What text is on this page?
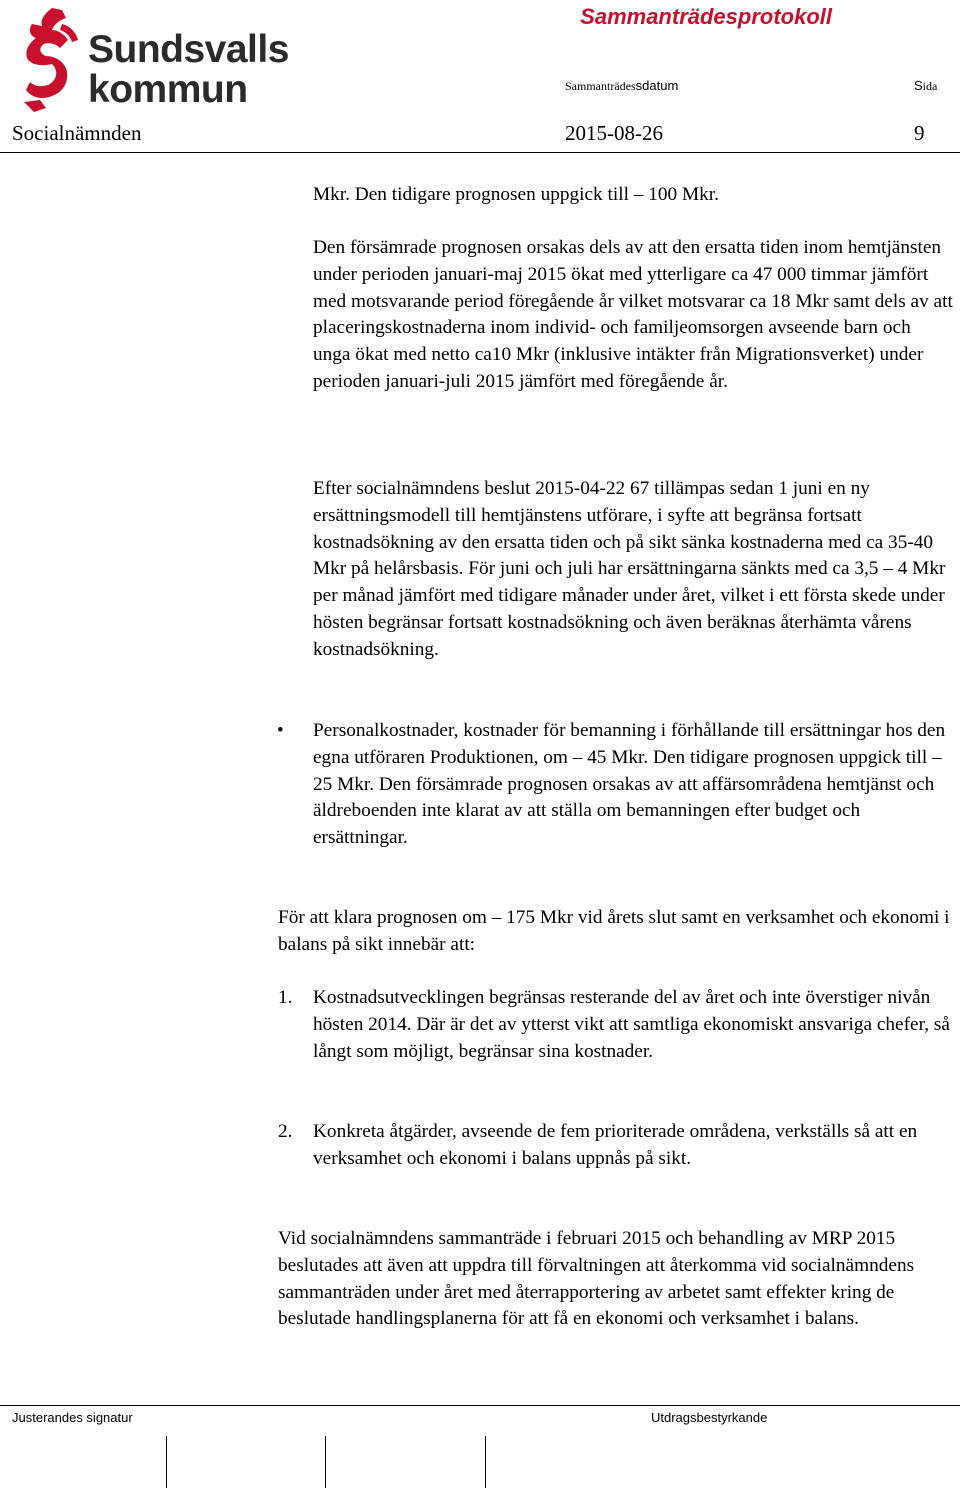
Sundsvalls
kommun
Sammanträdesprotokoll
Sammanträdessdatum	Sida
Socialnämnden	2015-08-26	9

Mkr. Den tidigare prognosen uppgick till – 100 Mkr.

Den försämrade prognosen orsakas dels av att den ersatta tiden inom hemtjänsten under perioden januari-maj 2015 ökat med ytterligare ca 47 000 timmar jämfört med motsvarande period föregående år vilket motsvarar ca 18 Mkr samt dels av att placeringskostnaderna inom individ- och familjeomsorgen avseende barn och unga ökat med netto ca10 Mkr (inklusive intäkter från Migrationsverket) under perioden januari-juli 2015 jämfört med föregående år.

Efter socialnämndens beslut 2015-04-22 67 tillämpas sedan 1 juni en ny ersättningsmodell till hemtjänstens utförare, i syfte att begränsa fortsatt kostnadsökning av den ersatta tiden och på sikt sänka kostnaderna med ca 35-40 Mkr på helårsbasis. För juni och juli har ersättningarna sänkts med ca 3,5 – 4 Mkr per månad jämfört med tidigare månader under året, vilket i ett första skede under hösten begränsar fortsatt kostnadsökning och även beräknas återhämta vårens kostnadsökning.

• Personalkostnader, kostnader för bemanning i förhållande till ersättningar hos den egna utföraren Produktionen, om – 45 Mkr. Den tidigare prognosen uppgick till – 25 Mkr. Den försämrade prognosen orsakas av att affärsområdena hemtjänst och äldreboenden inte klarat av att ställa om bemanningen efter budget och ersättningar.

För att klara prognosen om – 175 Mkr vid årets slut samt en verksamhet och ekonomi i balans på sikt innebär att:

1. Kostnadsutvecklingen begränsas resterande del av året och inte överstiger nivån hösten 2014. Där är det av ytterst vikt att samtliga ekonomiskt ansvariga chefer, så långt som möjligt, begränsar sina kostnader.

2. Konkreta åtgärder, avseende de fem prioriterade områdena, verkställs så att en verksamhet och ekonomi i balans uppnås på sikt.

Vid socialnämndens sammanträde i februari 2015 och behandling av MRP 2015 beslutades att även att uppdra till förvaltningen att återkomma vid socialnämndens sammanträden under året med återrapportering av arbetet samt effekter kring de beslutade handlingsplanerna för att få en ekonomi och verksamhet i balans.

Justerandes signatur	Utdragsbestyrkande
